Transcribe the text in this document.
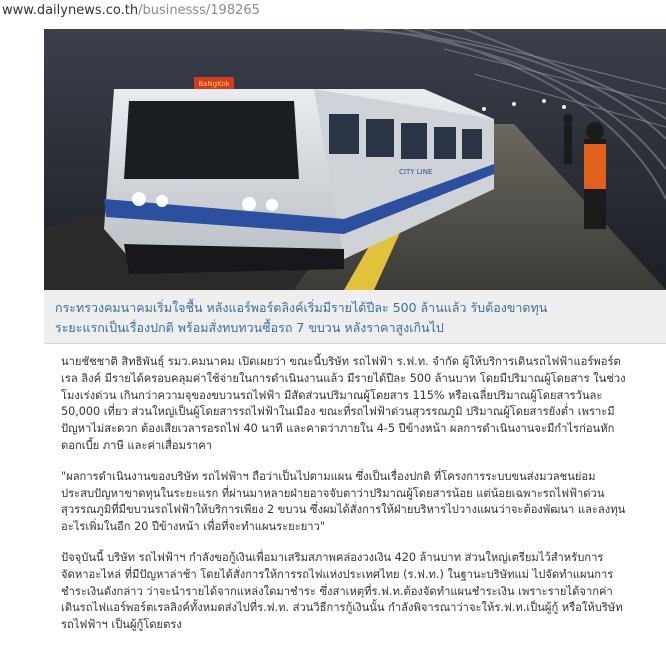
www.dailynews.co.th/businesss/198265
BaNgKok
CITY LINE
กระทรวงคมนาคมเริ่มใจชื้น หลังแอร์พอร์ตลิงค์เริ่มมีรายได้ปีละ 500 ล้านแล้ว รับต้องขาดทุน
ระยะแรกเป็นเรื่องปกติ พร้อมสั่งทบทวนซื้อรถ 7 ขบวน หลังราคาสูงเกินไป

นายชัชชาติ สิทธิพันธุ์ รมว.คมนาคม เปิดเผยว่า ขณะนี้บริษัท รถไฟฟ้า ร.ฟ.ท. จำกัด ผู้ให้บริการเดินรถไฟฟ้าแอร์พอร์ต
เรล ลิงค์ มีรายได้ครอบคลุมค่าใช้จ่ายในการดำเนินงานแล้ว มีรายได้ปีละ 500 ล้านบาท โดยมีปริมาณผู้โดยสาร ในช่วง
โมงเร่งด่วน เกินกว่าความจุของขบวนรถไฟฟ้า มีสัดส่วนปริมาณผู้โดยสาร 115% หรือเฉลี่ยปริมาณผู้โดยสารวันละ
50,000 เที่ยว ส่วนใหญ่เป็นผู้โดยสารรถไฟฟ้าในเมือง ขณะที่รถไฟฟ้าด่วนสุวรรณภูมิ ปริมาณผู้โดยสารยังต่ำ เพราะมี
ปัญหาไม่สะดวก ต้องเสียเวลารอรถไฟ 40 นาที และคาดว่าภายใน 4-5 ปีข้างหน้า ผลการดำเนินงานจะมีกำไรก่อนหัก
ดอกเบี้ย ภาษี และค่าเสื่อมราคา

"ผลการดำเนินงานของบริษัท รถไฟฟ้าฯ ถือว่าเป็นไปตามแผน ซึ่งเป็นเรื่องปกติ ที่โครงการระบบขนส่งมวลชนย่อม
ประสบปัญหาขาดทุนในระยะแรก ที่ผ่านมาหลายฝ่ายอาจจับตาว่าปริมาณผู้โดยสารน้อย แต่น้อยเฉพาะรถไฟฟ้าด่วน
สุวรรณภูมิที่มีขบวนรถไฟฟ้าให้บริการเพียง 2 ขบวน ซึ่งผมได้สั่งการให้ฝ่ายบริหารไปวางแผนว่าจะต้องพัฒนา และลงทุน
อะไรเพิ่มในอีก 20 ปีข้างหน้า เพื่อที่จะทำแผนระยะยาว"

ปัจจุบันนี้ บริษัท รถไฟฟ้าฯ กำลังขอกู้เงินเพื่อมาเสริมสภาพคล่องวงเงิน 420 ล้านบาท ส่วนใหญ่เตรียมไว้สำหรับการ
จัดหาอะไหล่ ที่มีปัญหาล่าช้า โดยได้สั่งการให้การรถไฟแห่งประเทศไทย (ร.ฟ.ท.) ในฐานะบริษัทแม่ ไปจัดทำแผนการ
ชำระเงินดังกล่าว ว่าจะนำรายได้จากแหล่งใดมาชำระ ซึ่งสาเหตุที่ร.ฟ.ท.ต้องจัดทำแผนชำระเงิน เพราะรายได้จากค่า
เดินรถไฟแอร์พอร์ตเรลลิงค์ทั้งหมดส่งไปที่ร.ฟ.ท. ส่วนวิธีการกู้เงินนั้น กำลังพิจารณาว่าจะให้ร.ฟ.ท.เป็นผู้กู้ หรือให้บริษัท
รถไฟฟ้าฯ เป็นผู้กู้โดยตรง
